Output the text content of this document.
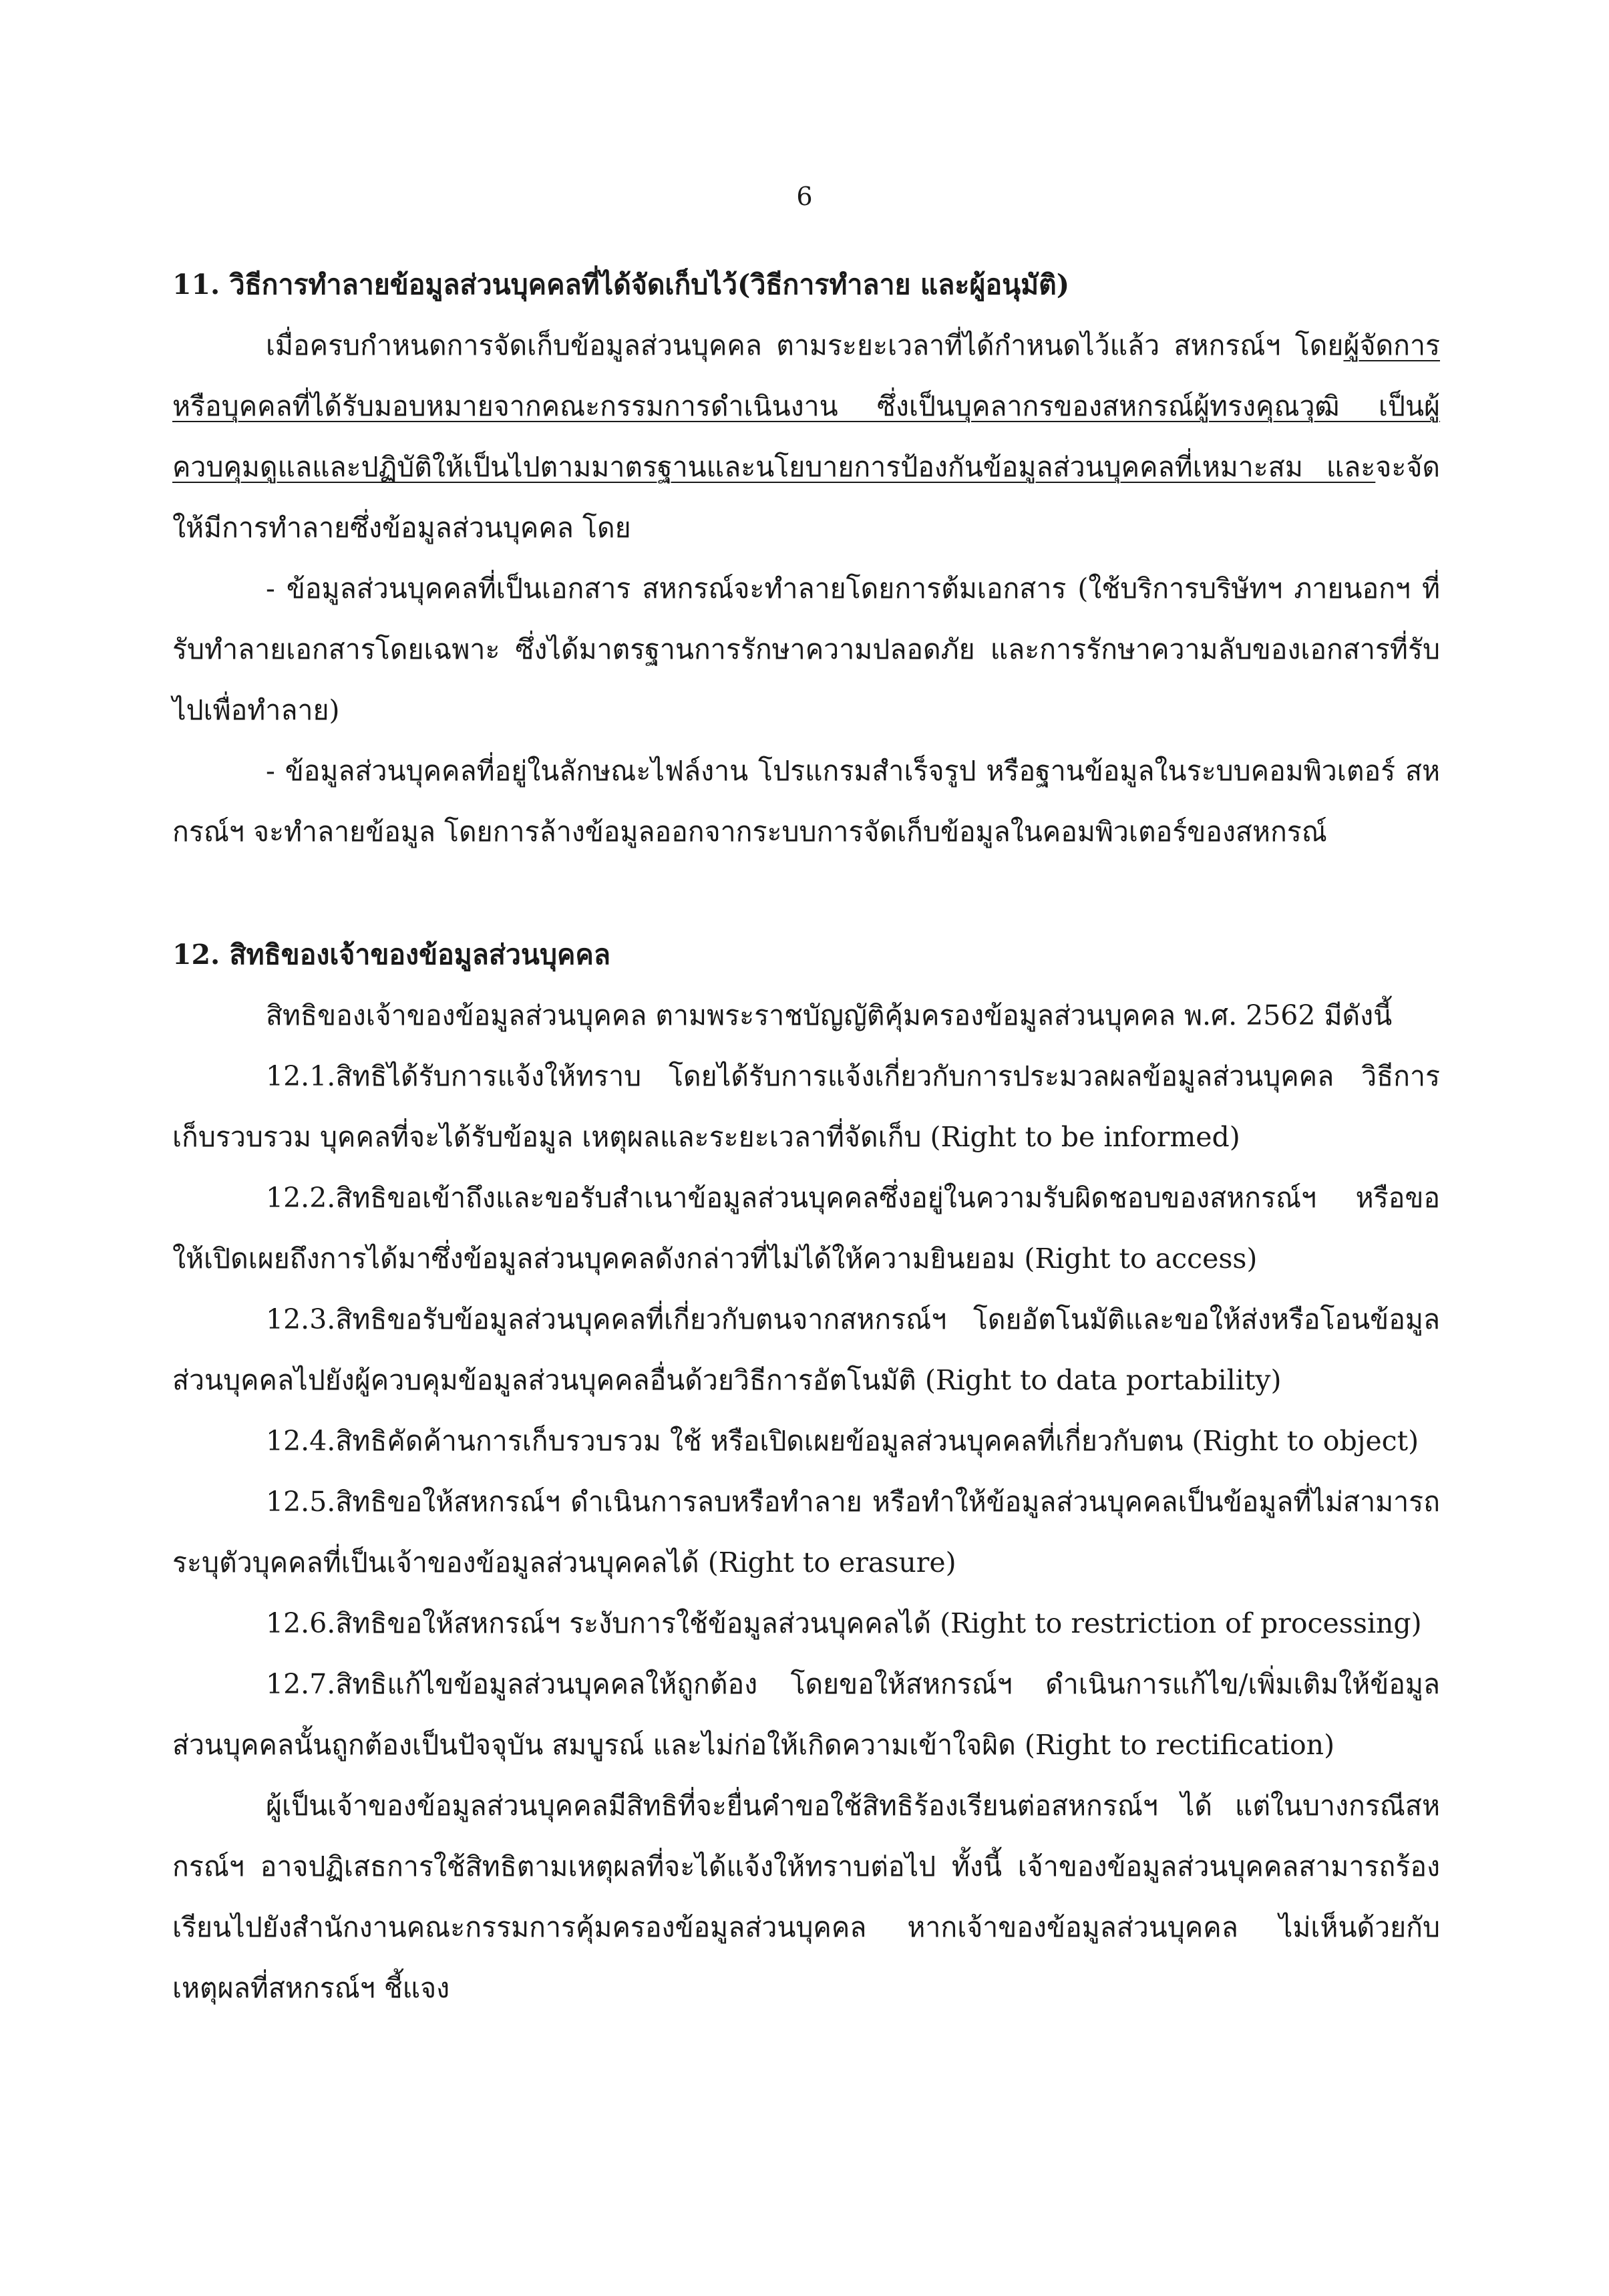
6

11. วิธีการทำลายข้อมูลส่วนบุคคลที่ได้จัดเก็บไว้(วิธีการทำลาย และผู้อนุมัติ)

เมื่อครบกำหนดการจัดเก็บข้อมูลส่วนบุคคล ตามระยะเวลาที่ได้กำหนดไว้แล้ว สหกรณ์ฯ โดยผู้จัดการหรือบุคคลที่ได้รับมอบหมายจากคณะกรรมการดำเนินงาน ซึ่งเป็นบุคลากรของสหกรณ์ผู้ทรงคุณวุฒิ เป็นผู้ควบคุมดูแลและปฏิบัติให้เป็นไปตามมาตรฐานและนโยบายการป้องกันข้อมูลส่วนบุคคลที่เหมาะสม และจะจัดให้มีการทำลายซึ่งข้อมูลส่วนบุคคล โดย

- ข้อมูลส่วนบุคคลที่เป็นเอกสาร สหกรณ์จะทำลายโดยการต้มเอกสาร (ใช้บริการบริษัทฯ ภายนอกฯ ที่รับทำลายเอกสารโดยเฉพาะ ซึ่งได้มาตรฐานการรักษาความปลอดภัย และการรักษาความลับของเอกสารที่รับไปเพื่อทำลาย)

- ข้อมูลส่วนบุคคลที่อยู่ในลักษณะไฟล์งาน โปรแกรมสำเร็จรูป หรือฐานข้อมูลในระบบคอมพิวเตอร์ สหกรณ์ฯ จะทำลายข้อมูล โดยการล้างข้อมูลออกจากระบบการจัดเก็บข้อมูลในคอมพิวเตอร์ของสหกรณ์

12. สิทธิของเจ้าของข้อมูลส่วนบุคคล

สิทธิของเจ้าของข้อมูลส่วนบุคคล ตามพระราชบัญญัติคุ้มครองข้อมูลส่วนบุคคล พ.ศ. 2562 มีดังนี้

12.1.สิทธิได้รับการแจ้งให้ทราบ โดยได้รับการแจ้งเกี่ยวกับการประมวลผลข้อมูลส่วนบุคคล วิธีการเก็บรวบรวม บุคคลที่จะได้รับข้อมูล เหตุผลและระยะเวลาที่จัดเก็บ (Right to be informed)

12.2.สิทธิขอเข้าถึงและขอรับสำเนาข้อมูลส่วนบุคคลซึ่งอยู่ในความรับผิดชอบของสหกรณ์ฯ หรือขอให้เปิดเผยถึงการได้มาซึ่งข้อมูลส่วนบุคคลดังกล่าวที่ไม่ได้ให้ความยินยอม (Right to access)

12.3.สิทธิขอรับข้อมูลส่วนบุคคลที่เกี่ยวกับตนจากสหกรณ์ฯ โดยอัตโนมัติและขอให้ส่งหรือโอนข้อมูลส่วนบุคคลไปยังผู้ควบคุมข้อมูลส่วนบุคคลอื่นด้วยวิธีการอัตโนมัติ (Right to data portability)

12.4.สิทธิคัดค้านการเก็บรวบรวม ใช้ หรือเปิดเผยข้อมูลส่วนบุคคลที่เกี่ยวกับตน (Right to object)

12.5.สิทธิขอให้สหกรณ์ฯ ดำเนินการลบหรือทำลาย หรือทำให้ข้อมูลส่วนบุคคลเป็นข้อมูลที่ไม่สามารถระบุตัวบุคคลที่เป็นเจ้าของข้อมูลส่วนบุคคลได้ (Right to erasure)

12.6.สิทธิขอให้สหกรณ์ฯ ระงับการใช้ข้อมูลส่วนบุคคลได้ (Right to restriction of processing)

12.7.สิทธิแก้ไขข้อมูลส่วนบุคคลให้ถูกต้อง โดยขอให้สหกรณ์ฯ ดำเนินการแก้ไข/เพิ่มเติมให้ข้อมูลส่วนบุคคลนั้นถูกต้องเป็นปัจจุบัน สมบูรณ์ และไม่ก่อให้เกิดความเข้าใจผิด (Right to rectification)

ผู้เป็นเจ้าของข้อมูลส่วนบุคคลมีสิทธิที่จะยื่นคำขอใช้สิทธิร้องเรียนต่อสหกรณ์ฯ ได้ แต่ในบางกรณีสหกรณ์ฯ อาจปฏิเสธการใช้สิทธิตามเหตุผลที่จะได้แจ้งให้ทราบต่อไป ทั้งนี้ เจ้าของข้อมูลส่วนบุคคลสามารถร้องเรียนไปยังสำนักงานคณะกรรมการคุ้มครองข้อมูลส่วนบุคคล หากเจ้าของข้อมูลส่วนบุคคล ไม่เห็นด้วยกับเหตุผลที่สหกรณ์ฯ ชี้แจง
